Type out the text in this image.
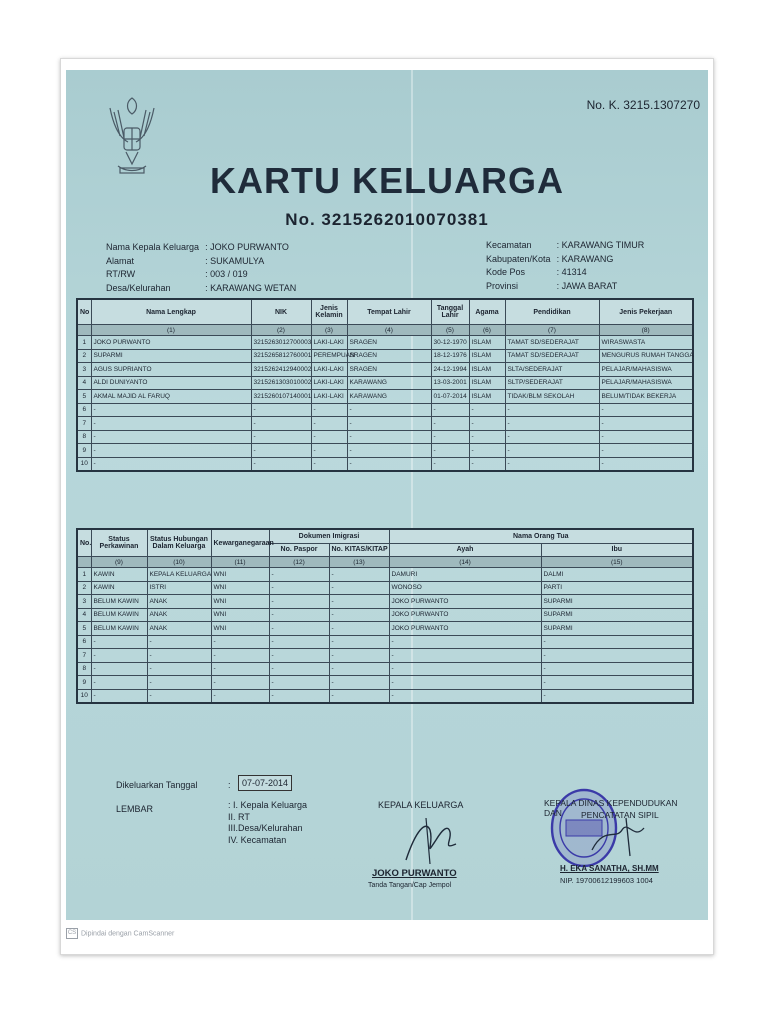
No. K. 3215.1307270
KARTU KELUARGA
No. 3215262010070381
Nama Kepala Keluarga	: JOKO PURWANTO
Alamat	: SUKAMULYA
RT/RW	: 003 / 019
Desa/Kelurahan	: KARAWANG WETAN
Kecamatan	: KARAWANG TIMUR
Kabupaten/Kota	: KARAWANG
Kode Pos	: 41314
Provinsi	: JAWA BARAT
No	Nama Lengkap	NIK	Jenis Kelamin	Tempat Lahir	Tanggal Lahir	Agama	Pendidikan	Jenis Pekerjaan
	(1)	(2)	(3)	(4)	(5)	(6)	(7)	(8)
1	JOKO PURWANTO	3215263012700003	LAKI-LAKI	SRAGEN	30-12-1970	ISLAM	TAMAT SD/SEDERAJAT	WIRASWASTA
2	SUPARMI	3215265812760001	PEREMPUAN	SRAGEN	18-12-1976	ISLAM	TAMAT SD/SEDERAJAT	MENGURUS RUMAH TANGGA
3	AGUS SUPRIANTO	3215262412940002	LAKI-LAKI	SRAGEN	24-12-1994	ISLAM	SLTA/SEDERAJAT	PELAJAR/MAHASISWA
4	ALDI DUNIYANTO	3215261303010002	LAKI-LAKI	KARAWANG	13-03-2001	ISLAM	SLTP/SEDERAJAT	PELAJAR/MAHASISWA
5	AKMAL MAJID AL FARUQ	3215260107140001	LAKI-LAKI	KARAWANG	01-07-2014	ISLAM	TIDAK/BLM SEKOLAH	BELUM/TIDAK BEKERJA
6	-	-	-	-	-	-	-	-
7	-	-	-	-	-	-	-	-
8	-	-	-	-	-	-	-	-
9	-	-	-	-	-	-	-	-
10	-	-	-	-	-	-	-	-
No.	Status Perkawinan	Status Hubungan Dalam Keluarga	Kewarganegaraan	Dokumen Imigrasi		Nama Orang Tua	
				No. Paspor	No. KITAS/KITAP	Ayah	Ibu
	(9)	(10)	(11)	(12)	(13)	(14)	(15)
1	KAWIN	KEPALA KELUARGA	WNI	-	-	DAMURI	DALMI
2	KAWIN	ISTRI	WNI	-	-	WONOSO	PARTI
3	BELUM KAWIN	ANAK	WNI	-	-	JOKO PURWANTO	SUPARMI
4	BELUM KAWIN	ANAK	WNI	-	-	JOKO PURWANTO	SUPARMI
5	BELUM KAWIN	ANAK	WNI	-	-	JOKO PURWANTO	SUPARMI
6	-	-	-	-	-	-	-
7	-	-	-	-	-	-	-
8	-	-	-	-	-	-	-
9	-	-	-	-	-	-	-
10	-	-	-	-	-	-	-
Dikeluarkan Tanggal	:	07-07-2014
LEMBAR	: I. Kepala Keluarga
II. RT
III.Desa/Kelurahan
IV. Kecamatan
KEPALA KELUARGA
JOKO PURWANTO
Tanda Tangan/Cap Jempol
KEPALA DINAS KEPENDUDUKAN DAN	PENCATATAN SIPIL
H. EKA SANATHA, SH.MM
NIP. 19700612199603 1004
CS Dipindai dengan CamScanner
